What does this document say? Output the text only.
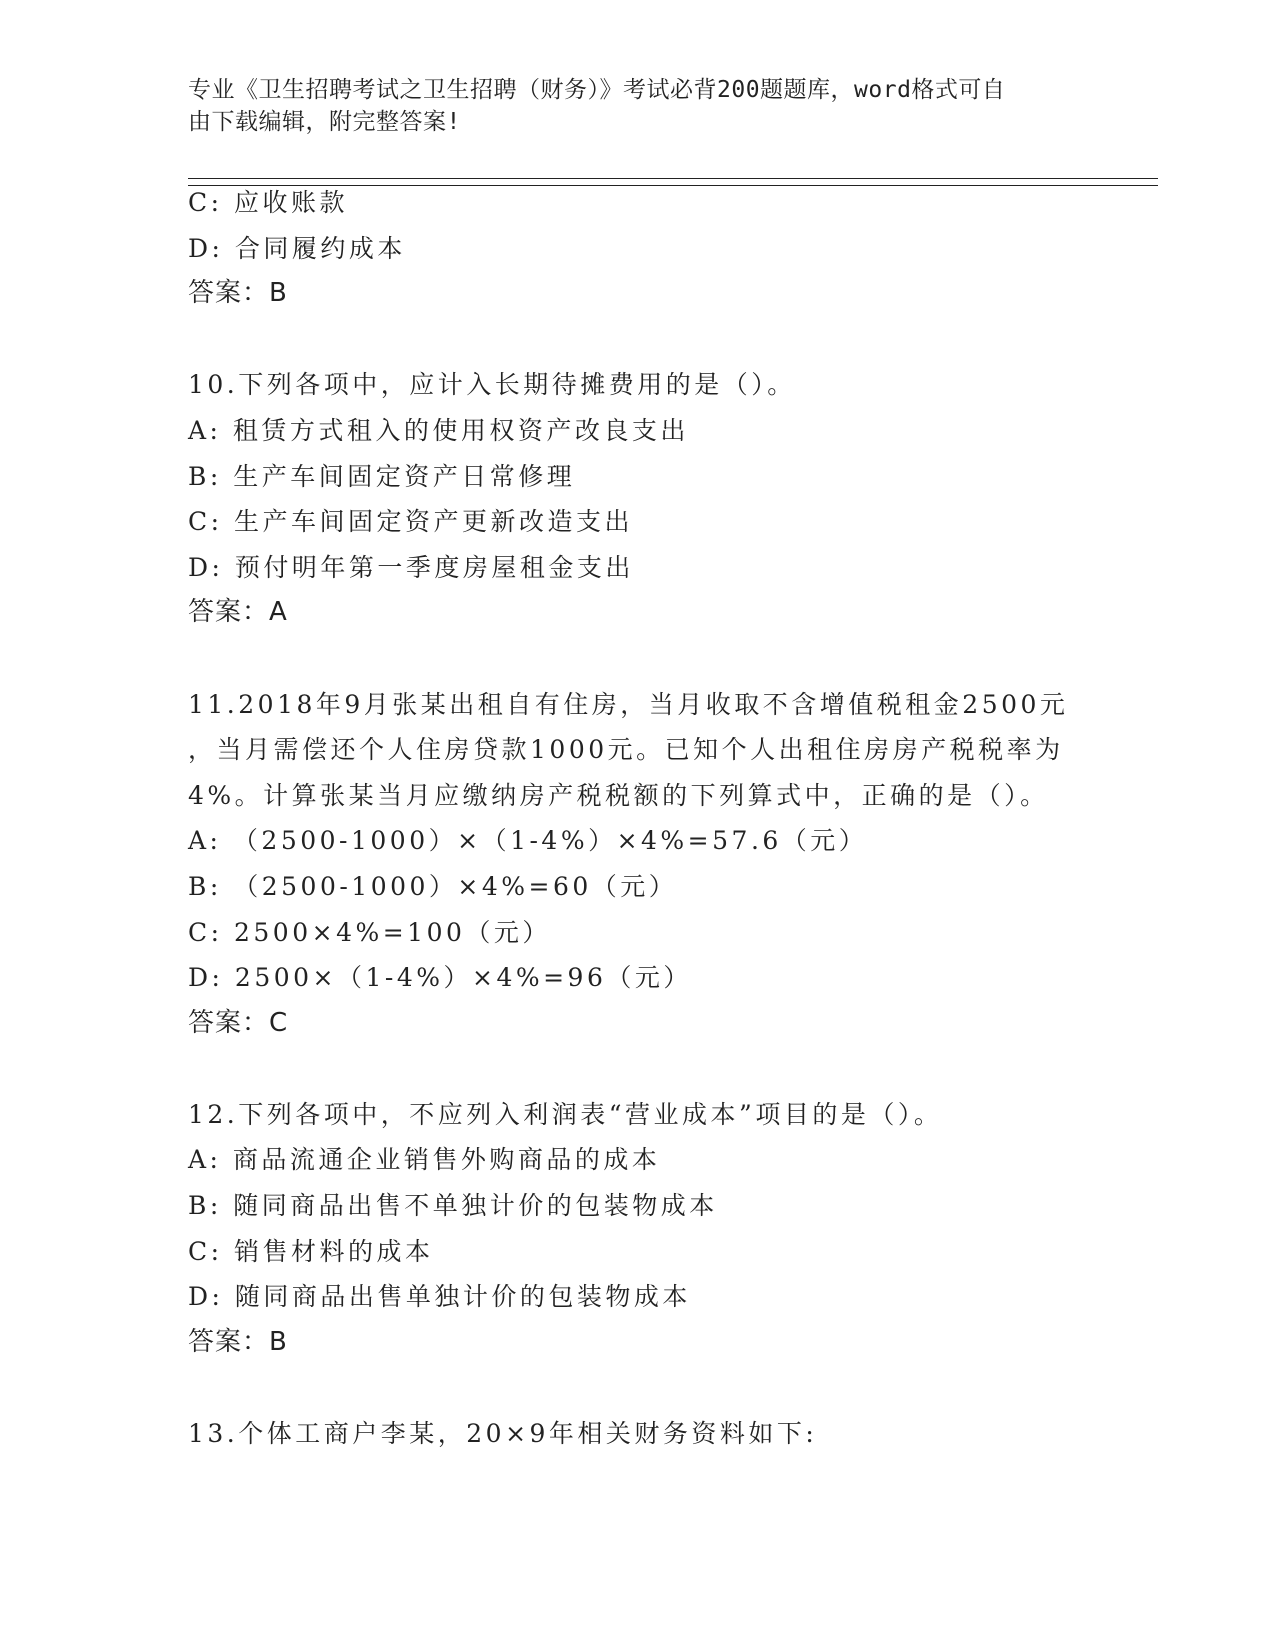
专业《卫生招聘考试之卫生招聘（财务）》考试必背200题题库，word格式可自
由下载编辑，附完整答案!
C: 应收账款
D: 合同履约成本
答案：B
10.下列各项中，应计入长期待摊费用的是（）。
A: 租赁方式租入的使用权资产改良支出
B: 生产车间固定资产日常修理
C: 生产车间固定资产更新改造支出
D: 预付明年第一季度房屋租金支出
答案：A
11.2018年9月张某出租自有住房，当月收取不含增值税租金2500元
，当月需偿还个人住房贷款1000元。已知个人出租住房房产税税率为
4%。计算张某当月应缴纳房产税税额的下列算式中，正确的是（）。
A: （2500-1000）×（1-4%）×4%=57.6（元）
B: （2500-1000）×4%=60（元）
C: 2500×4%=100（元）
D: 2500×（1-4%）×4%=96（元）
答案：C
12.下列各项中，不应列入利润表“营业成本”项目的是（）。
A: 商品流通企业销售外购商品的成本
B: 随同商品出售不单独计价的包装物成本
C: 销售材料的成本
D: 随同商品出售单独计价的包装物成本
答案：B
13.个体工商户李某，20×9年相关财务资料如下:
